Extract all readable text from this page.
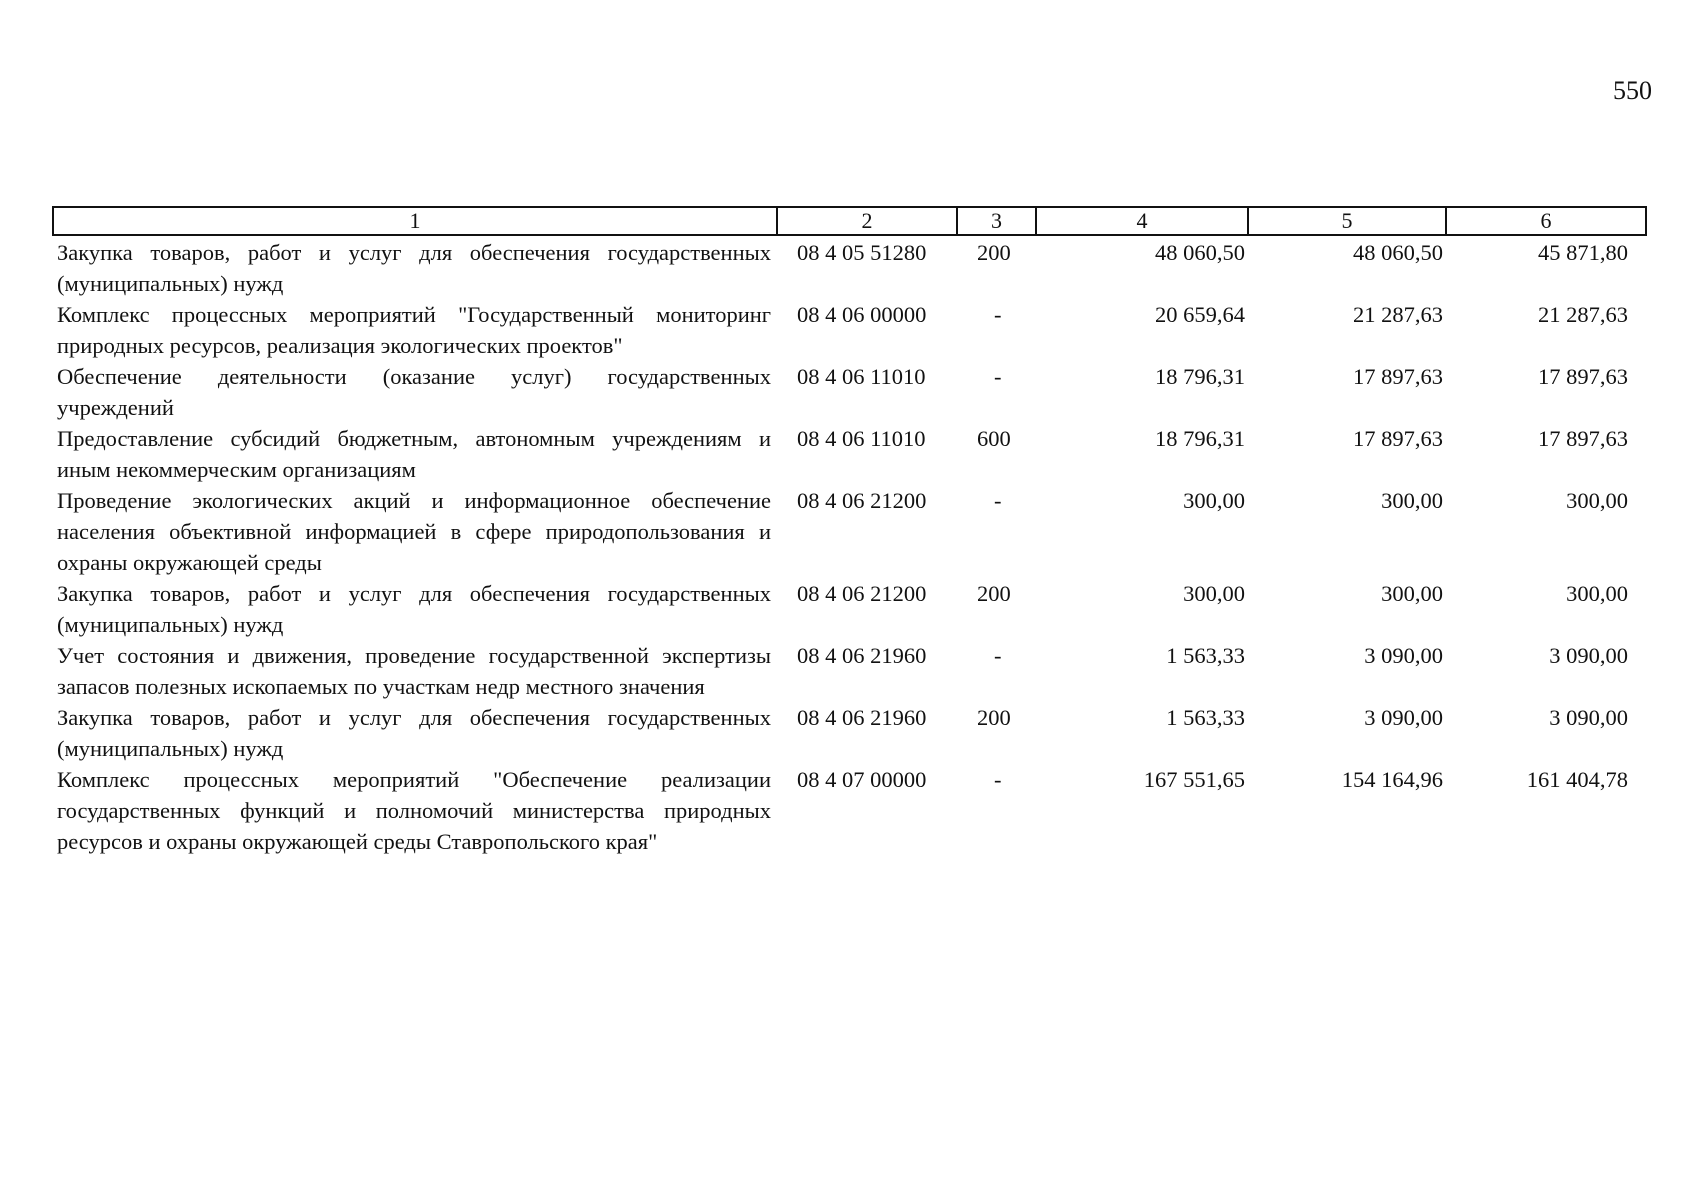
550
1	2	3	4	5	6
Закупка товаров, работ и услуг для обеспечения государственных (муниципальных) нужд	08 4 05 51280	200	48 060,50	48 060,50	45 871,80
Комплекс процессных мероприятий "Государственный мониторинг природных ресурсов, реализация экологических проектов"	08 4 06 00000	-	20 659,64	21 287,63	21 287,63
Обеспечение деятельности (оказание услуг) государственных учреждений	08 4 06 11010	-	18 796,31	17 897,63	17 897,63
Предоставление субсидий бюджетным, автономным учреждениям и иным некоммерческим организациям	08 4 06 11010	600	18 796,31	17 897,63	17 897,63
Проведение экологических акций и информационное обеспечение населения объективной информацией в сфере природопользования и охраны окружающей среды	08 4 06 21200	-	300,00	300,00	300,00
Закупка товаров, работ и услуг для обеспечения государственных (муниципальных) нужд	08 4 06 21200	200	300,00	300,00	300,00
Учет состояния и движения, проведение государственной экспертизы запасов полезных ископаемых по участкам недр местного значения	08 4 06 21960	-	1 563,33	3 090,00	3 090,00
Закупка товаров, работ и услуг для обеспечения государственных (муниципальных) нужд	08 4 06 21960	200	1 563,33	3 090,00	3 090,00
Комплекс процессных мероприятий "Обеспечение реализации государственных функций и полномочий министерства природных ресурсов и охраны окружающей среды Ставропольского края"	08 4 07 00000	-	167 551,65	154 164,96	161 404,78
